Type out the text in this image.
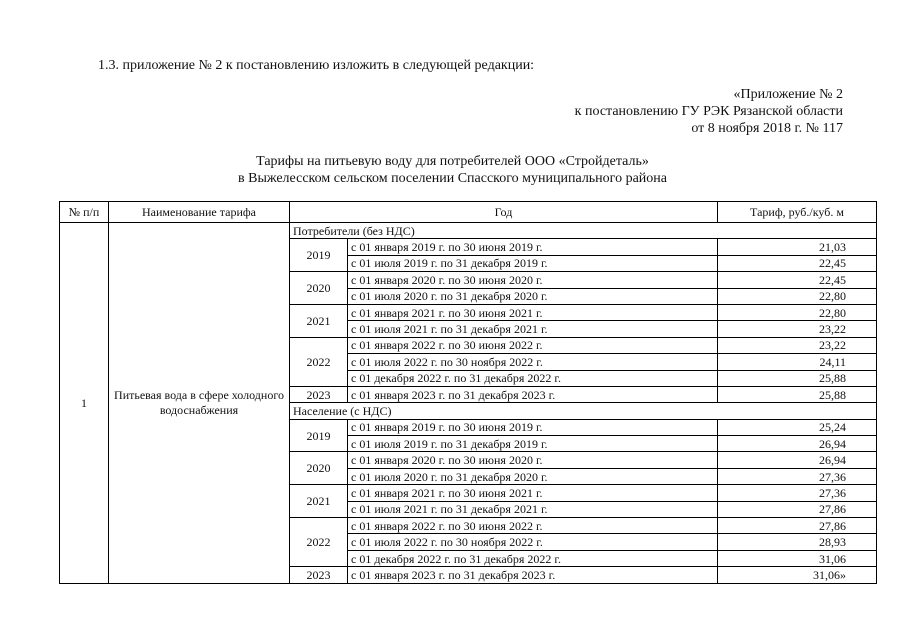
1.3. приложение № 2 к постановлению изложить в следующей редакции:
«Приложение № 2
к постановлению ГУ РЭК Рязанской области
от 8 ноября 2018 г. № 117
Тарифы на питьевую воду для потребителей ООО «Стройдеталь»
в Выжелесском сельском поселении Спасского муниципального района
№ п/п	Наименование тарифа	Год		Тариф, руб./куб. м
1	Питьевая вода в сфере холодного водоснабжения	Потребители (без НДС)		
		2019	с 01 января 2019 г. по 30 июня 2019 г.	21,03
			с 01 июля 2019 г. по 31 декабря 2019 г.	22,45
		2020	с 01 января 2020 г. по 30 июня 2020 г.	22,45
			с 01 июля 2020 г. по 31 декабря 2020 г.	22,80
		2021	с 01 января 2021 г. по 30 июня 2021 г.	22,80
			с 01 июля 2021 г. по 31 декабря 2021 г.	23,22
		2022	с 01 января 2022 г. по 30 июня 2022 г.	23,22
			с 01 июля 2022 г. по 30 ноября 2022 г.	24,11
			с 01 декабря 2022 г. по 31 декабря 2022 г.	25,88
		2023	с 01 января 2023 г. по 31 декабря 2023 г.	25,88
		Население (с НДС)		
		2019	с 01 января 2019 г. по 30 июня 2019 г.	25,24
			с 01 июля 2019 г. по 31 декабря 2019 г.	26,94
		2020	с 01 января 2020 г. по 30 июня 2020 г.	26,94
			с 01 июля 2020 г. по 31 декабря 2020 г.	27,36
		2021	с 01 января 2021 г. по 30 июня 2021 г.	27,36
			с 01 июля 2021 г. по 31 декабря 2021 г.	27,86
		2022	с 01 января 2022 г. по 30 июня 2022 г.	27,86
			с 01 июля 2022 г. по 30 ноября 2022 г.	28,93
			с 01 декабря 2022 г. по 31 декабря 2022 г.	31,06
		2023	с 01 января 2023 г. по 31 декабря 2023 г.	31,06»
